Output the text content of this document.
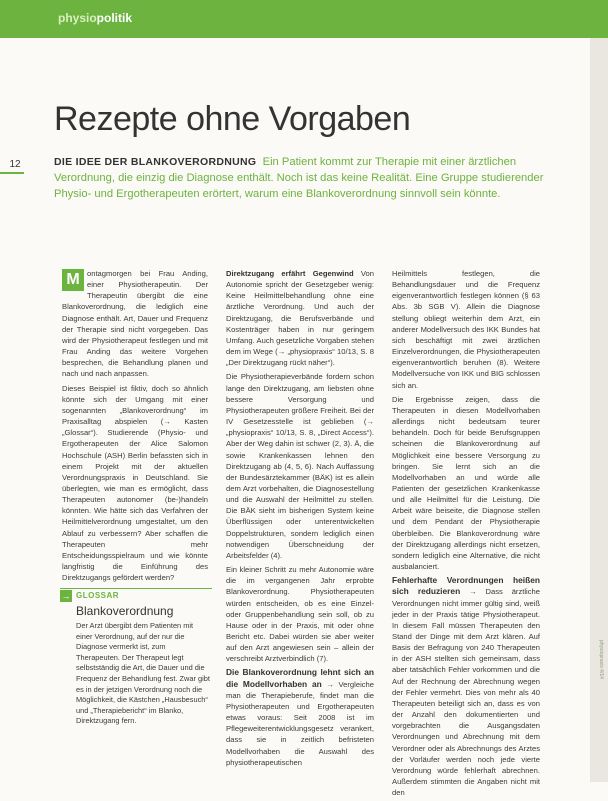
physiopolitik
12
Rezepte ohne Vorgaben
DIE IDEE DER BLANKOVERORDNUNG Ein Patient kommt zur Therapie mit einer ärztlichen Verordnung, die einzig die Diagnose enthält. Noch ist das keine Realität. Eine Gruppe studierender Physio- und Ergotherapeuten erörtert, warum eine Blankoverordnung sinnvoll sein könnte.

M ontagmorgen bei Frau Anding, einer Physiotherapeutin. Der Therapeutin übergibt die eine Blankoverordnung, die lediglich eine Diagnose enthält. Art, Dauer und Frequenz der Therapie sind nicht vorgegeben. Das wird der Physiotherapeut festlegen und mit Frau Anding das weitere Vorgehen besprechen, die Behandlung planen und nach und nach anpassen.

Dieses Beispiel ist fiktiv, doch so ähnlich könnte sich der Umgang mit einer sogenannten „Blankoverordnung“ im Praxisalltag abspielen (→ Kasten „Glossar“). Studierende (Physio- und Ergotherapeuten der Alice Salomon Hochschule (ASH) Berlin befassten sich in einem Projekt mit der aktuellen Verordnungspraxis in Deutschland. Sie überlegten, wie man es ermöglicht, dass Therapeuten autonomer (be-)handeln könnten. Wie hätte sich das Verfahren der Heilmittelverordnung umgestaltet, um den Ablauf zu verbessern? Aber schaffen die Therapeuten mehr Entscheidungsspielraum und wie könnte langfristig die Einführung des Direktzugangs gefördert werden?

→ GLOSSAR
Blankoverordnung
Der Arzt übergibt dem Patienten mit einer Verordnung, auf der nur die Diagnose vermerkt ist, zum Therapeuten. Der Therapeut legt selbstständig die Art, die Dauer und die Frequenz der Behandlung fest. Zwar gibt es in der jetzigen Verordnung noch die Möglichkeit, die Kästchen „Hausbesuch“ und „Therapiebericht“ im Blanko, Direktzugang fern.

Direktzugang erfährt Gegenwind Von Autonomie spricht der Gesetzgeber wenig: Keine Heilmittelbehandlung ohne eine ärztliche Verordnung. Und auch der Direktzugang, die Berufsverbände und Kostenträger haben in nur geringem Umfang. Auch gesetzliche Vorgaben stehen dem im Wege (→ „physiopraxis“ 10/13, S. 8 „Der Direktzugang rückt näher“).

Die Physiotherapieverbände fordern schon lange den Direktzugang, am liebsten ohne bessere Versorgung und Physiotherapeuten größere Freiheit. Bei der IV Gesetzesstelle ist geblieben (→ „physiopraxis“ 10/13, S. 8, „Direct Access“). Aber der Weg dahin ist schwer (2, 3). Ä, die sowie Krankenkassen lehnen den Direktzugang ab (4, 5, 6). Nach Auffassung der Bundesärztekammer (BÄK) ist es allein dem Arzt vorbehalten, die Diagnosestellung und die Auswahl der Heilmittel zu stellen. Die BÄK sieht im bisherigen System keine Überflüssigen oder unterentwickelten Doppelstrukturen, sondern lediglich einen notwendigen Überschneidung der Arbeitsfelder (4).

Ein kleiner Schritt zu mehr Autonomie wäre die im vergangenen Jahr erprobte Blankoverordnung. Physiotherapeuten würden entscheiden, ob es eine Einzel- oder Gruppenbehandlung sein soll, ob zu Hause oder in der Praxis, mit oder ohne Bericht etc. Dabei würden sie aber weiter auf den Arzt angewiesen sein – allein der verschreibt Arztverbindlich (7).

Die Blankoverordnung lehnt sich an die Modellvorhaben an → Vergleiche man die Therapieberufe, findet man die Physiotherapeuten und Ergotherapeuten etwas voraus: Seit 2008 ist im Pflegeweiterentwicklungsgesetz verankert, dass sie in zeitlich befristeten Modellvorhaben die Auswahl des physiotherapeutischen

Heilmittels festlegen, die Behandlungsdauer und die Frequenz eigenverantwortlich festlegen können (§ 63 Abs. 3b SGB V). Allein die Diagnose stellung obliegt weiterhin dem Arzt, ein anderer Modellversuch des IKK Bundes hat sich beschäftigt mit zwei ärztlichen Einzelverordnungen, die Physiotherapeuten eigenverantwortlich beruhen (8). Weitere Modellversuche von IKK und BIG schlossen sich an.

Die Ergebnisse zeigen, dass die Therapeuten in diesen Modellvorhaben allerdings nicht bedeutsam teurer behandeln. Doch für beide Berufsgruppen scheinen die Blankoverordnung auf Möglichkeit eine bessere Versorgung zu bringen. Sie lernt sich an die Modellvorhaben an und würde alle Patienten der gesetzlichen Krankenkasse und alle Heilmittel für die Leistung. Die Arbeit wäre beiseite, die Diagnose stellen und dem Pendant der Physiotherapie überbleiben. Die Blankoverordnung wäre der Direktzugang allerdings nicht ersetzen, sondern lediglich eine Alternative, die nicht ausbalanciert.

Fehlerhafte Verordnungen heißen sich reduzieren → Dass ärztliche Verordnungen nicht immer gültig sind, weiß jeder in der Praxis tätige Physiotherapeut. In diesem Fall müssen Therapeuten den Stand der Dinge mit dem Arzt klären. Auf Basis der Befragung von 240 Therapeuten in der ASH stellten sich gemeinsam, dass aber tatsächlich Fehler vorkommen und die Auf der Rechnung der Abrechnung wegen der Fehler vermehrt. Dies von mehr als 40 Therapeuten beteiligt sich an, dass es von der Anzahl den dokumentierten und vorgebrachten die Ausgangsdaten Verordnungen und Abrechnung mit dem Verordner oder als Abrechnungs des Arztes der Vorläufer werden noch jede vierte Verordnung würde fehlerhaft abrechnen. Außerdem stimmten die Angaben nicht mit den

physiopraxis 4/14
